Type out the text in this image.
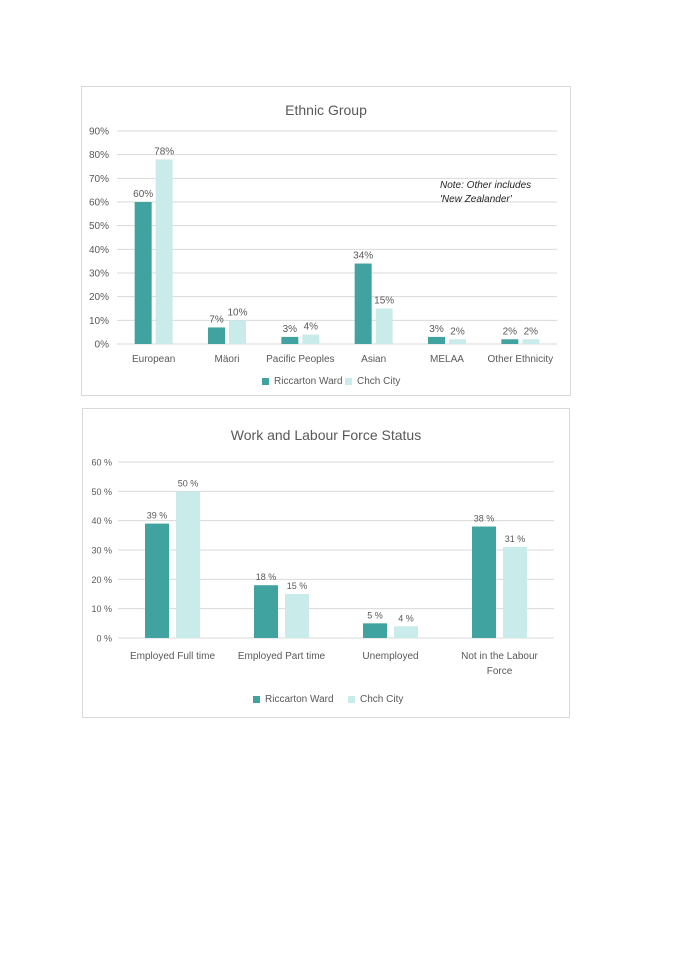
Ethnic Group
0%
10%
20%
30%
40%
50%
60%
70%
80%
90%
60%
78%
European
7%
10%
Mäori
3% 4%
Pacific Peoples
34%
15%
Asian
3% 2%
MELAA
2% 2%
Other Ethnicity
Riccarton Ward Chch City
Note: Other includes
'New Zealander'
Work and Labour Force Status
0 %
10 %
20 %
30 %
40 %
50 %
60 %
39 %
50 %
Employed Full time
18 %
15 %
Employed Part time
5 % 4 %
Unemployed
38 %
31 %
Not in the Labour
Force
Riccarton Ward	Chch City
